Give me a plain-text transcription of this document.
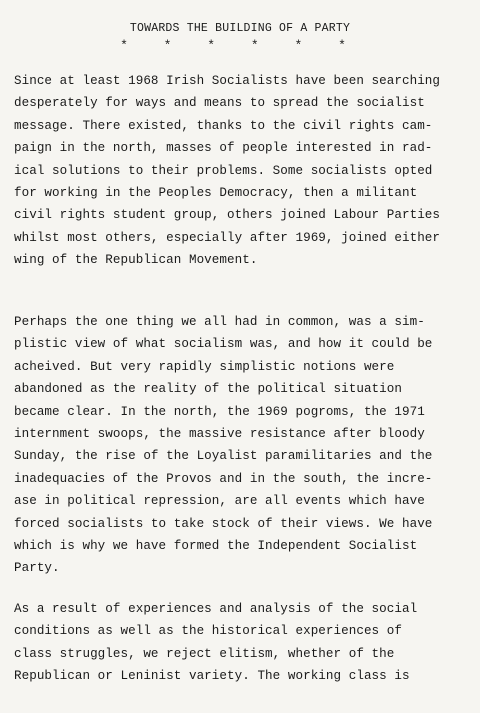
TOWARDS THE BUILDING OF A PARTY
* * * * * *
Since at least 1968 Irish Socialists have been searching
desperately for ways and means to spread the socialist
message. There existed, thanks to the civil rights cam-
paign in the north, masses of people interested in rad-
ical solutions to their problems. Some socialists opted
for working in the Peoples Democracy, then a militant
civil rights student group, others joined Labour Parties
whilst most others, especially after 1969, joined either
wing of the Republican Movement.
Perhaps the one thing we all had in common, was a sim-
plistic view of what socialism was, and how it could be
acheived. But very rapidly simplistic notions were
abandoned as the reality of the political situation
became clear. In the north, the 1969 pogroms, the 1971
internment swoops, the massive resistance after bloody
Sunday, the rise of the Loyalist paramilitaries and the
inadequacies of the Provos and in the south, the incre-
ase in political repression, are all events which have
forced socialists to take stock of their views. We have
which is why we have formed the Independent Socialist
Party.
As a result of experiences and analysis of the social
conditions as well as the historical experiences of
class struggles, we reject elitism, whether of the
Republican or Leninist variety. The working class is
